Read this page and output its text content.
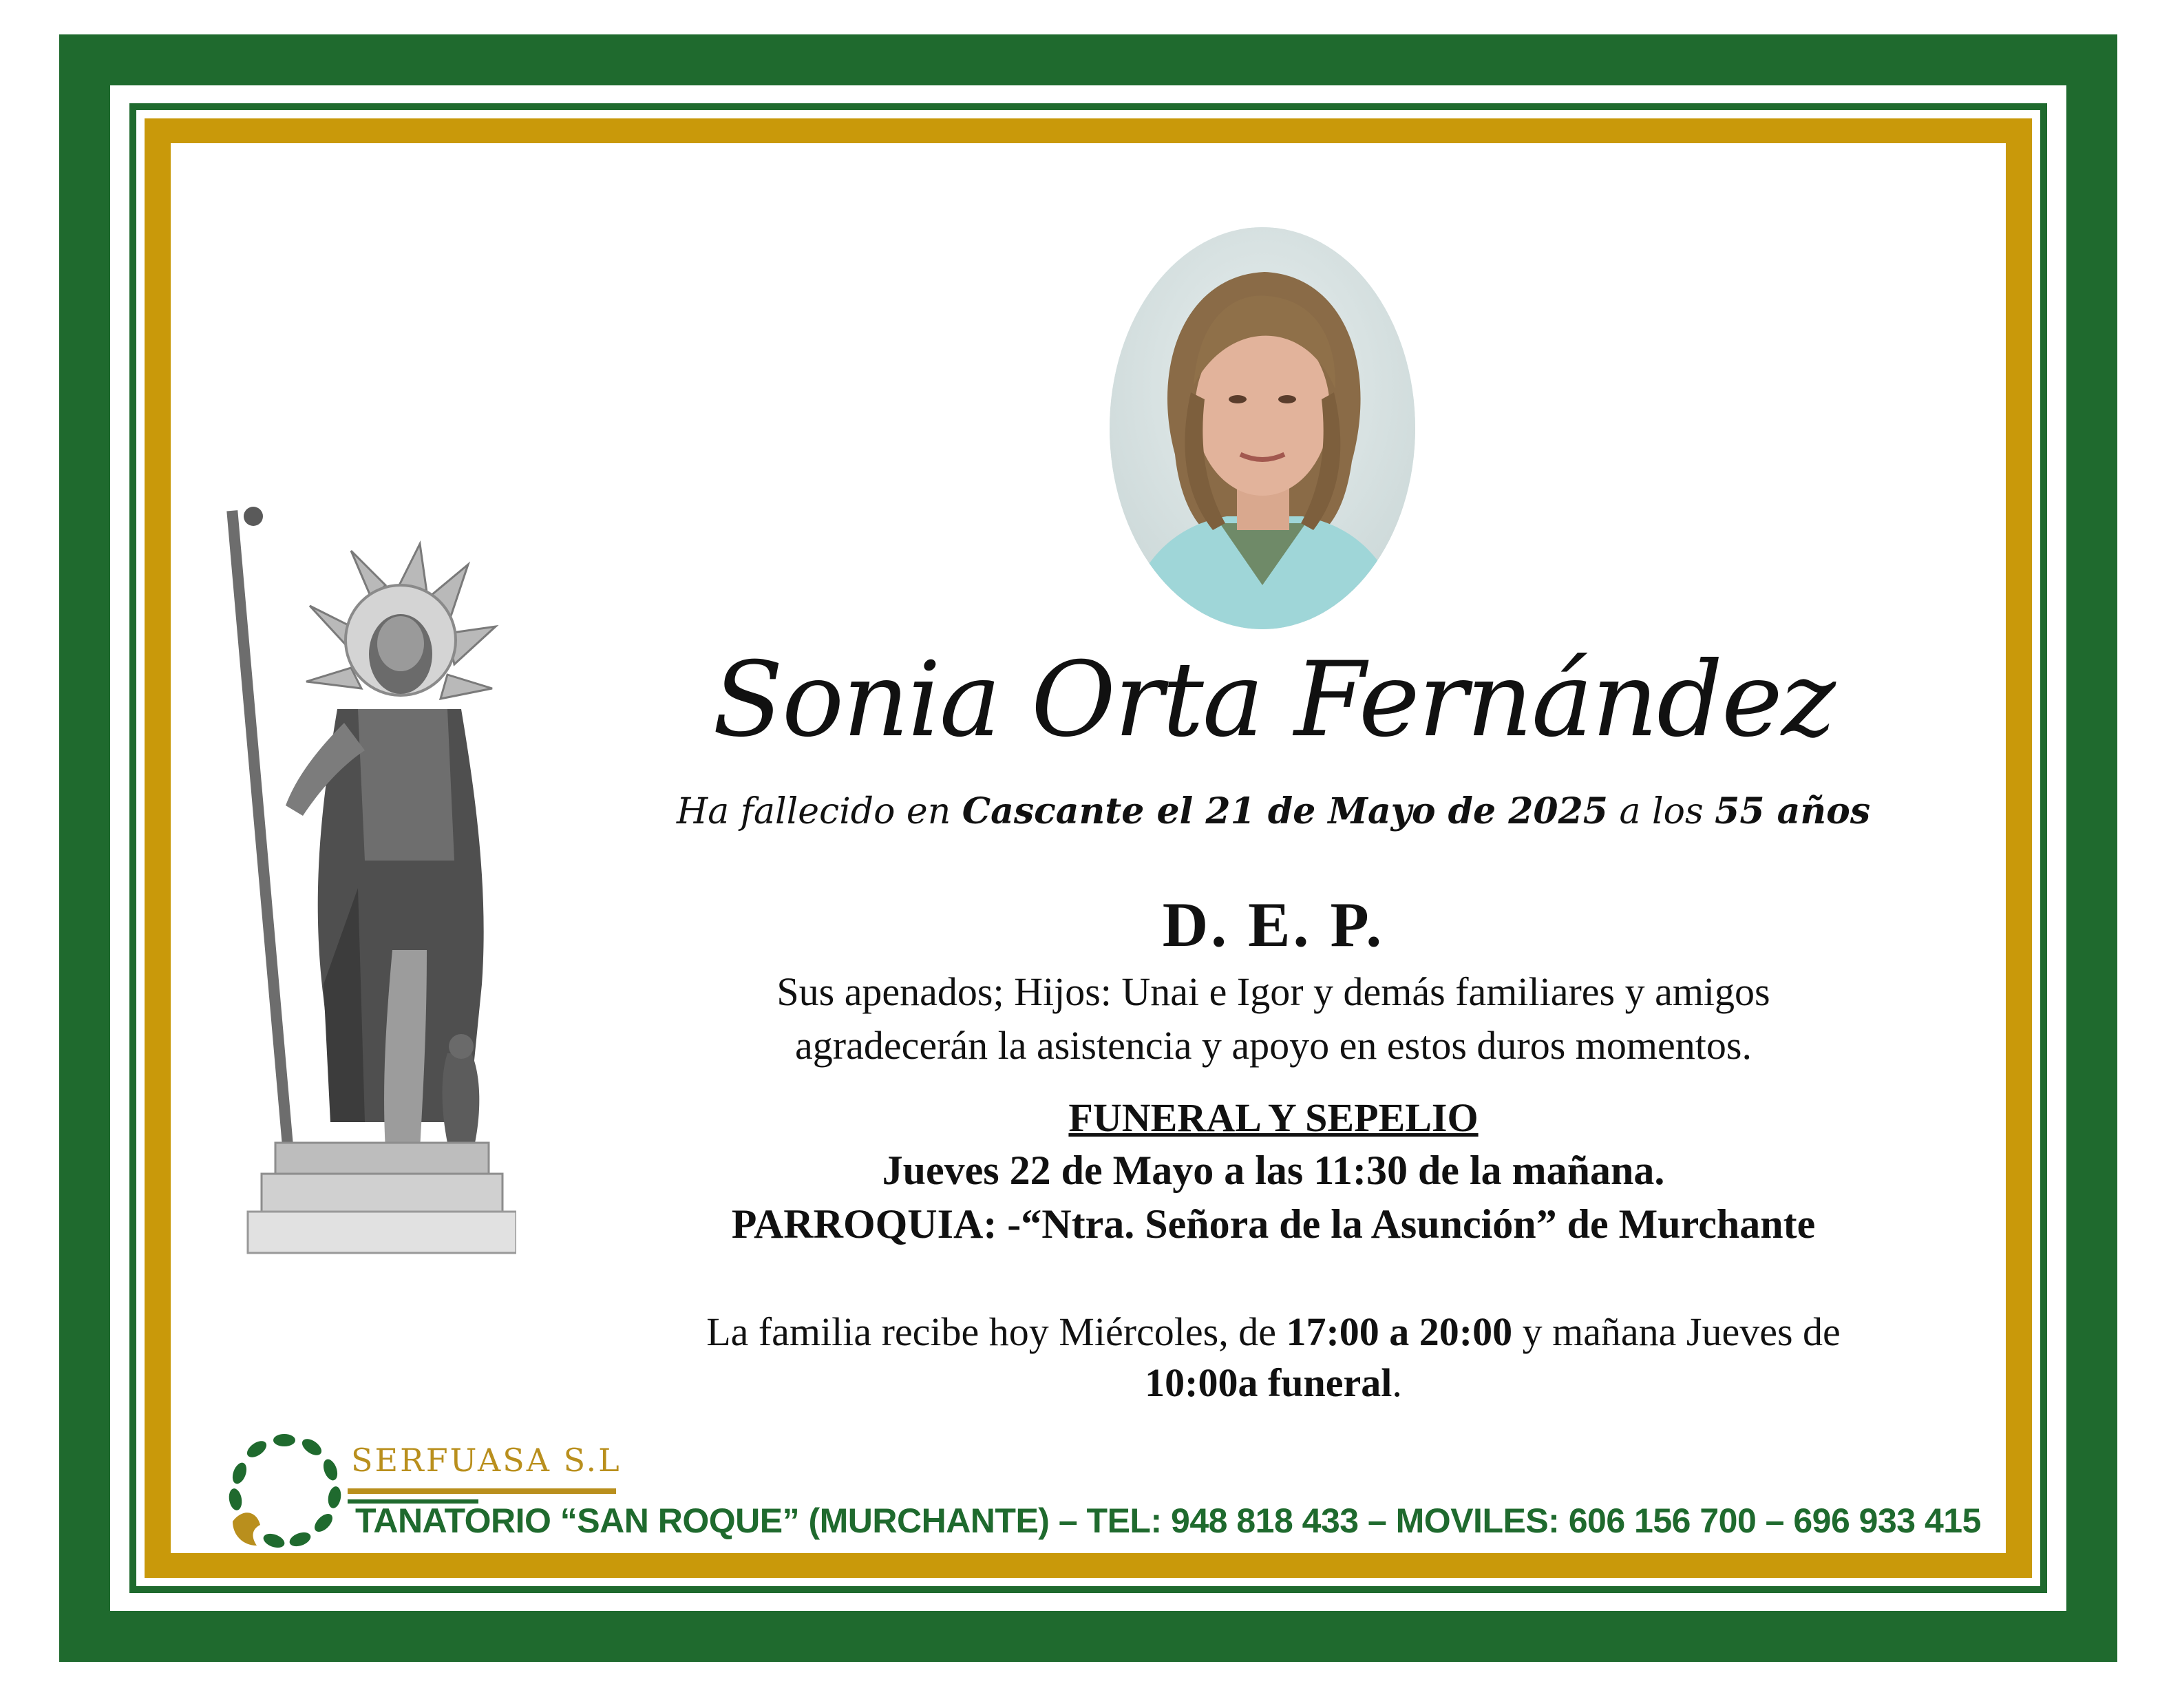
Sonia Orta Fernández
Ha fallecido en Cascante el 21 de Mayo de 2025 a los 55 años
D. E. P.
Sus apenados; Hijos: Unai e Igor y demás familiares y amigos
agradecerán la asistencia y apoyo en estos duros momentos.
FUNERAL Y SEPELIO
Jueves 22 de Mayo a las 11:30 de la mañana.
PARROQUIA: -“Ntra. Señora de la Asunción” de Murchante
La familia recibe hoy Miércoles, de 17:00 a 20:00 y mañana Jueves de
10:00a funeral.
SERFUASA S.L
TANATORIO “SAN ROQUE” (MURCHANTE) – TEL: 948 818 433 – MOVILES: 606 156 700 – 696 933 415
